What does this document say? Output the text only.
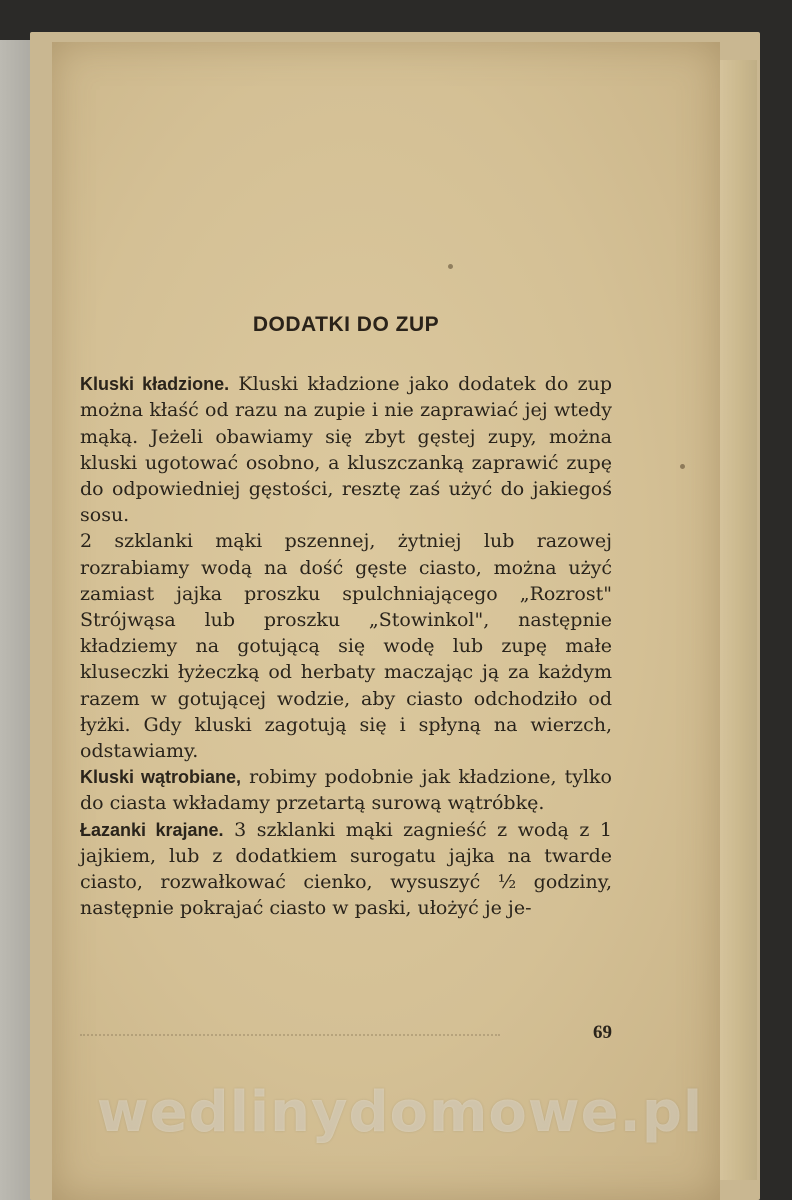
DODATKI DO ZUP

Kluski kładzione. Kluski kładzione jako dodatek do zup można kłaść od razu na zupie i nie zaprawiać jej wtedy mąką. Jeżeli obawiamy się zbyt gęstej zupy, można kluski ugotować osobno, a kluszczanką zaprawić zupę do odpowiedniej gęstości, resztę zaś użyć do jakiegoś sosu.

2 szklanki mąki pszennej, żytniej lub razowej rozrabiamy wodą na dość gęste ciasto, można użyć zamiast jajka proszku spulchniającego „Rozrost" Strójwąsa lub proszku „Stowinkol", następnie kładziemy na gotującą się wodę lub zupę małe kluseczki łyżeczką od herbaty maczając ją za każdym razem w gotującej wodzie, aby ciasto odchodziło od łyżki. Gdy kluski zagotują się i spłyną na wierzch, odstawiamy.

Kluski wątrobiane, robimy podobnie jak kładzione, tylko do ciasta wkładamy przetartą surową wątróbkę.

Łazanki krajane. 3 szklanki mąki zagnieść z wodą z 1 jajkiem, lub z dodatkiem surogatu jajka na twarde ciasto, rozwałkować cienko, wysuszyć ½ godziny, następnie pokrajać ciasto w paski, ułożyć je je-

69
wedlinydomowe.pl
